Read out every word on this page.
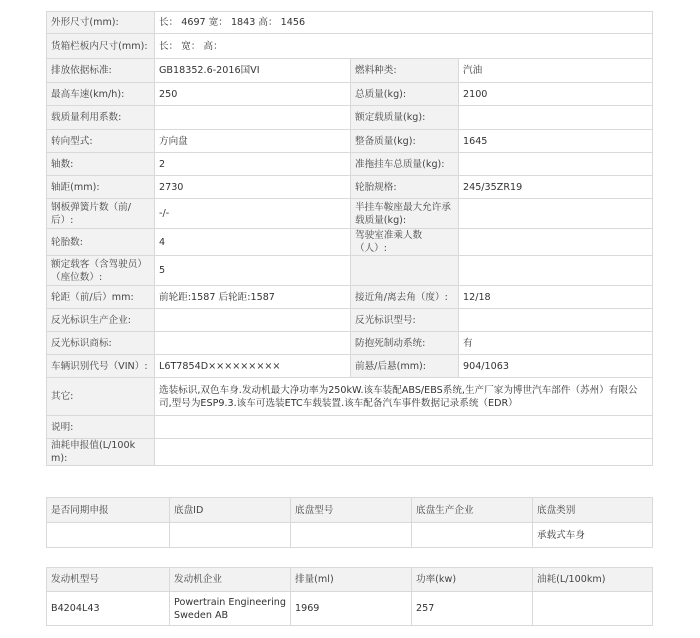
外形尺寸(mm):	长： 4697 宽： 1843 高： 1456		
货箱栏板内尺寸(mm):	长： 宽： 高：		
排放依据标准:	GB18352.6-2016国VI	燃料种类:	汽油
最高车速(km/h):	250	总质量(kg):	2100
载质量利用系数:		额定载质量(kg):	
转向型式:	方向盘	整备质量(kg):	1645
轴数:	2	准拖挂车总质量(kg):	
轴距(mm):	2730	轮胎规格:	245/35ZR19
钢板弹簧片数（前/后）:	-/-	半挂车鞍座最大允许承载质量(kg):	
轮胎数:	4	驾驶室准乘人数（人）:	
额定载客（含驾驶员）（座位数）:	5		
轮距（前/后）mm:	前轮距:1587 后轮距:1587	接近角/离去角（度）:	12/18
反光标识生产企业:		反光标识型号:	
反光标识商标:		防抱死制动系统:	有
车辆识别代号（VIN）:	L6T7854D×××××××××	前悬/后悬(mm):	904/1063
其它:	选装标识,双色车身.发动机最大净功率为250kW.该车装配ABS/EBS系统,生产厂家为博世汽车部件（苏州）有限公司,型号为ESP9.3.该车可选装ETC车载装置.该车配备汽车事件数据记录系统（EDR）		
说明:			
油耗申报值(L/100km):			
是否同期申报	底盘ID	底盘型号	底盘生产企业	底盘类别
				承载式车身
发动机型号	发动机企业	排量(ml)	功率(kw)	油耗(L/100km)
B4204L43	Powertrain Engineering Sweden AB	1969	257	
